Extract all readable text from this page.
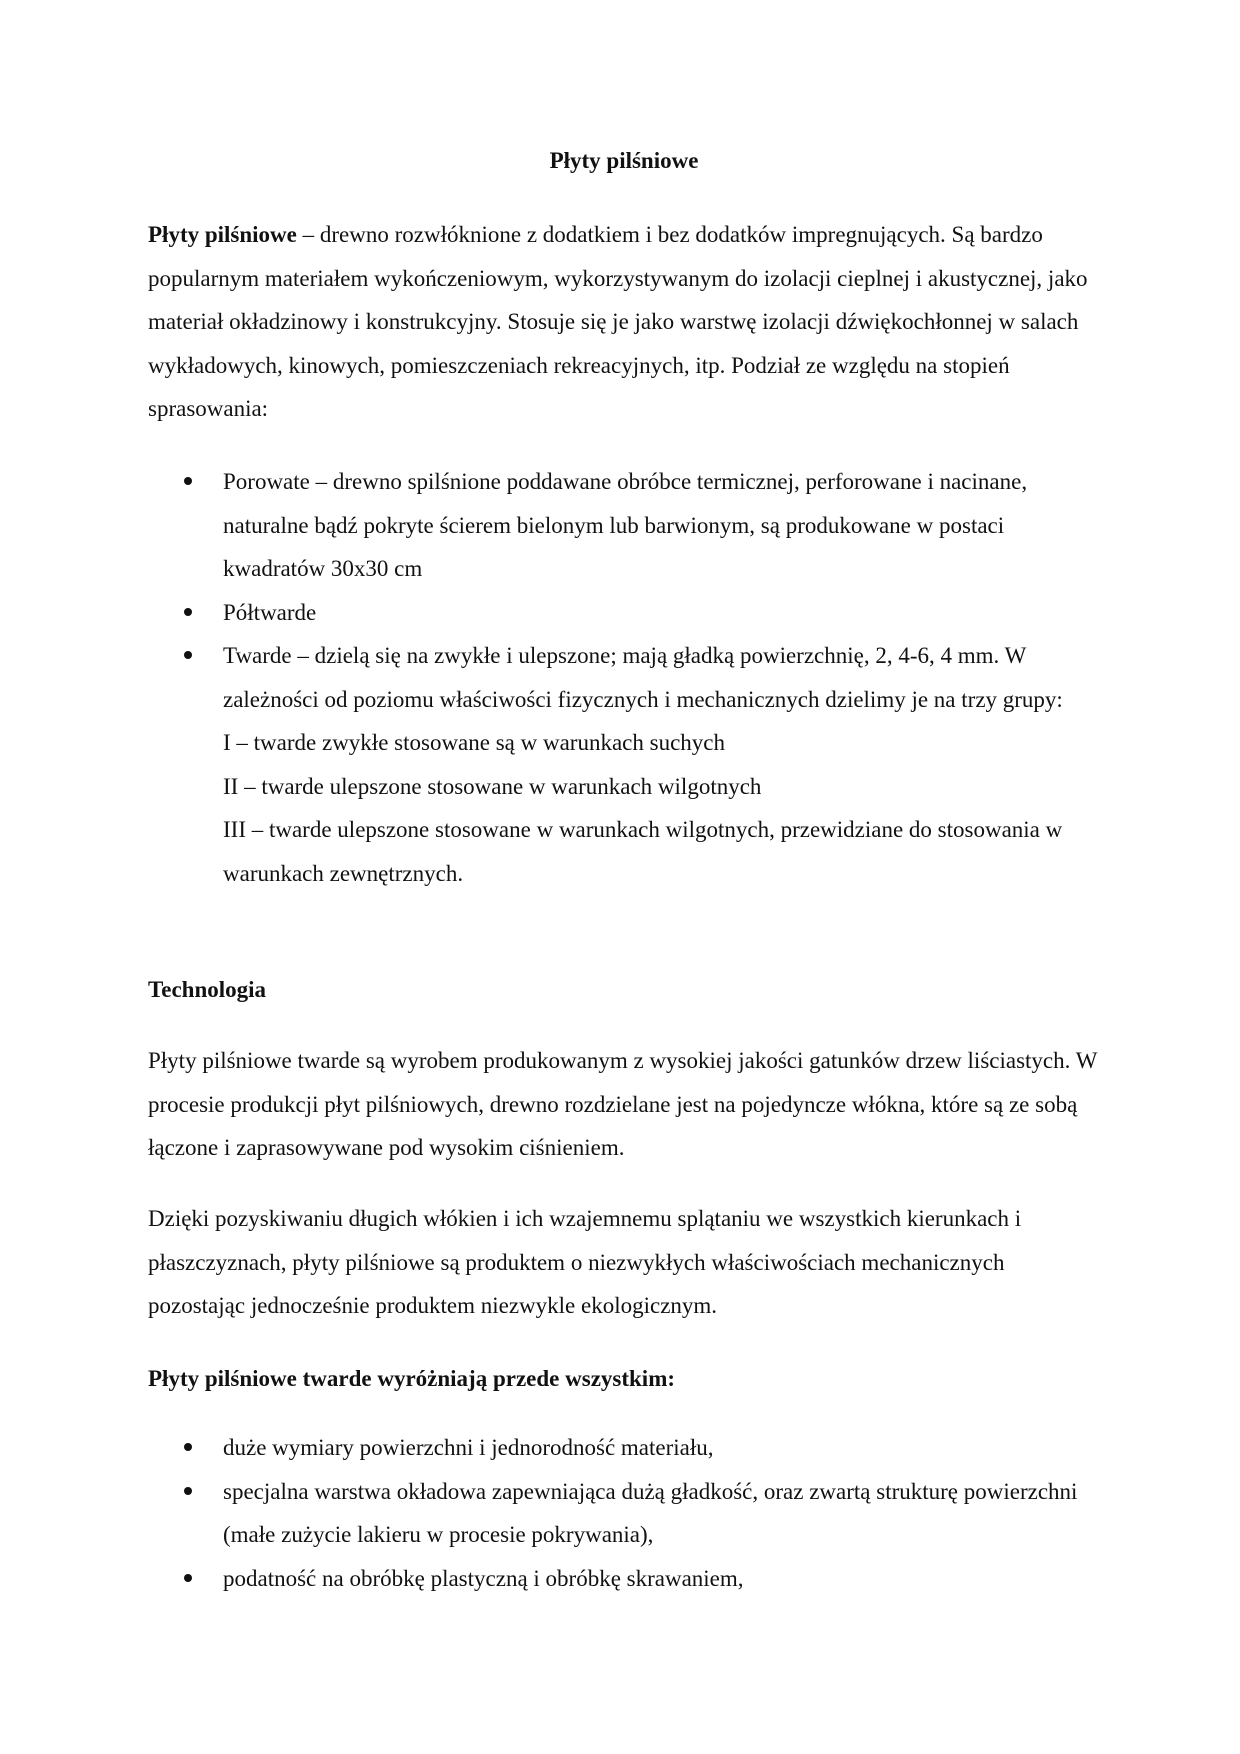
Płyty pilśniowe

Płyty pilśniowe – drewno rozwłóknione z dodatkiem i bez dodatków impregnujących. Są bardzo popularnym materiałem wykończeniowym, wykorzystywanym do izolacji cieplnej i akustycznej, jako materiał okładzinowy i konstrukcyjny. Stosuje się je jako warstwę izolacji dźwiękochłonnej w salach wykładowych, kinowych, pomieszczeniach rekreacyjnych, itp. Podział ze względu na stopień sprasowania:

Porowate – drewno spilśnione poddawane obróbce termicznej, perforowane i nacinane, naturalne bądź pokryte ścierem bielonym lub barwionym, są produkowane w postaci kwadratów 30x30 cm
Półtwarde
Twarde – dzielą się na zwykłe i ulepszone; mają gładką powierzchnię, 2, 4-6, 4 mm. W zależności od poziomu właściwości fizycznych i mechanicznych dzielimy je na trzy grupy:
I – twarde zwykłe stosowane są w warunkach suchych
II – twarde ulepszone stosowane w warunkach wilgotnych
III – twarde ulepszone stosowane w warunkach wilgotnych, przewidziane do stosowania w warunkach zewnętrznych.
Technologia

Płyty pilśniowe twarde są wyrobem produkowanym z wysokiej jakości gatunków drzew liściastych. W procesie produkcji płyt pilśniowych, drewno rozdzielane jest na pojedyncze włókna, które są ze sobą łączone i zaprasowywane pod wysokim ciśnieniem.

Dzięki pozyskiwaniu długich włókien i ich wzajemnemu splątaniu we wszystkich kierunkach i płaszczyznach, płyty pilśniowe są produktem o niezwykłych właściwościach mechanicznych pozostając jednocześnie produktem niezwykle ekologicznym.

Płyty pilśniowe twarde wyróżniają przede wszystkim:
duże wymiary powierzchni i jednorodność materiału,
specjalna warstwa okładowa zapewniająca dużą gładkość, oraz zwartą strukturę powierzchni (małe zużycie lakieru w procesie pokrywania),
podatność na obróbkę plastyczną i obróbkę skrawaniem,
